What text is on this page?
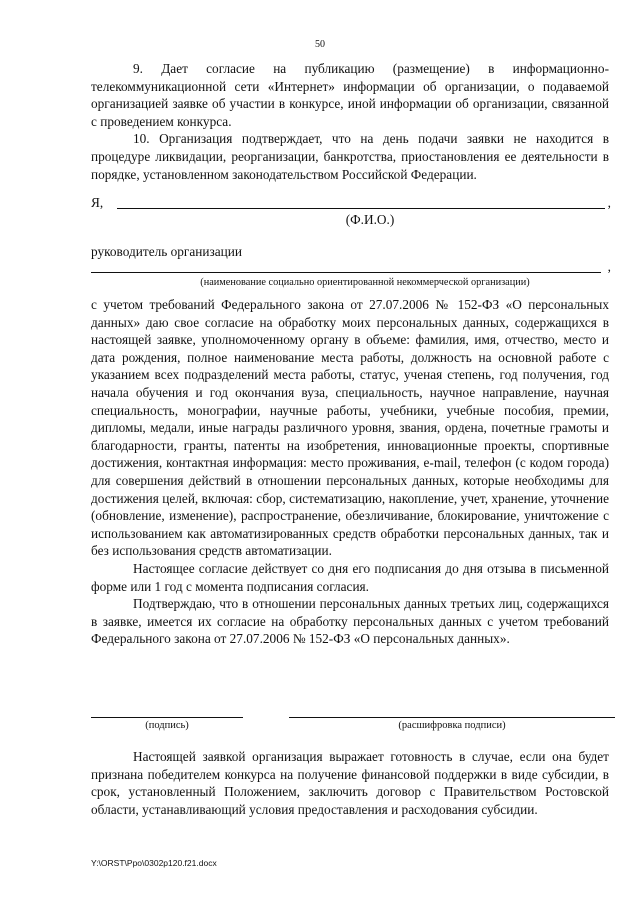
50

9. Дает согласие на публикацию (размещение) в информационно-телекоммуникационной сети «Интернет» информации об организации, о подаваемой организацией заявке об участии в конкурсе, иной информации об организации, связанной с проведением конкурса.

10. Организация подтверждает, что на день подачи заявки не находится в процедуре ликвидации, реорганизации, банкротства, приостановления ее деятельности в порядке, установленном законодательством Российской Федерации.

Я,	,
(Ф.И.О.)
руководитель организации
,
(наименование социально ориентированной некоммерческой организации)

с учетом требований Федерального закона от 27.07.2006 № 152-ФЗ «О персональных данных» даю свое согласие на обработку моих персональных данных, содержащихся в настоящей заявке, уполномоченному органу в объеме: фамилия, имя, отчество, место и дата рождения, полное наименование места работы, должность на основной работе с указанием всех подразделений места работы, статус, ученая степень, год получения, год начала обучения и год окончания вуза, специальность, научное направление, научная специальность, монографии, научные работы, учебники, учебные пособия, премии, дипломы, медали, иные награды различного уровня, звания, ордена, почетные грамоты и благодарности, гранты, патенты на изобретения, инновационные проекты, спортивные достижения, контактная информация: место проживания, e-mail, телефон (с кодом города) для совершения действий в отношении персональных данных, которые необходимы для достижения целей, включая: сбор, систематизацию, накопление, учет, хранение, уточнение (обновление, изменение), распространение, обезличивание, блокирование, уничтожение с использованием как автоматизированных средств обработки персональных данных, так и без использования средств автоматизации.

Настоящее согласие действует со дня его подписания до дня отзыва в письменной форме или 1 год с момента подписания согласия.

Подтверждаю, что в отношении персональных данных третьих лиц, содержащихся в заявке, имеется их согласие на обработку персональных данных с учетом требований Федерального закона от 27.07.2006 № 152-ФЗ «О персональных данных».

(подпись)	(расшифровка подписи)

Настоящей заявкой организация выражает готовность в случае, если она будет признана победителем конкурса на получение финансовой поддержки в виде субсидии, в срок, установленный Положением, заключить договор с Правительством Ростовской области, устанавливающий условия предоставления и расходования субсидии.

Y:\ORST\Ppo\0302p120.f21.docx
